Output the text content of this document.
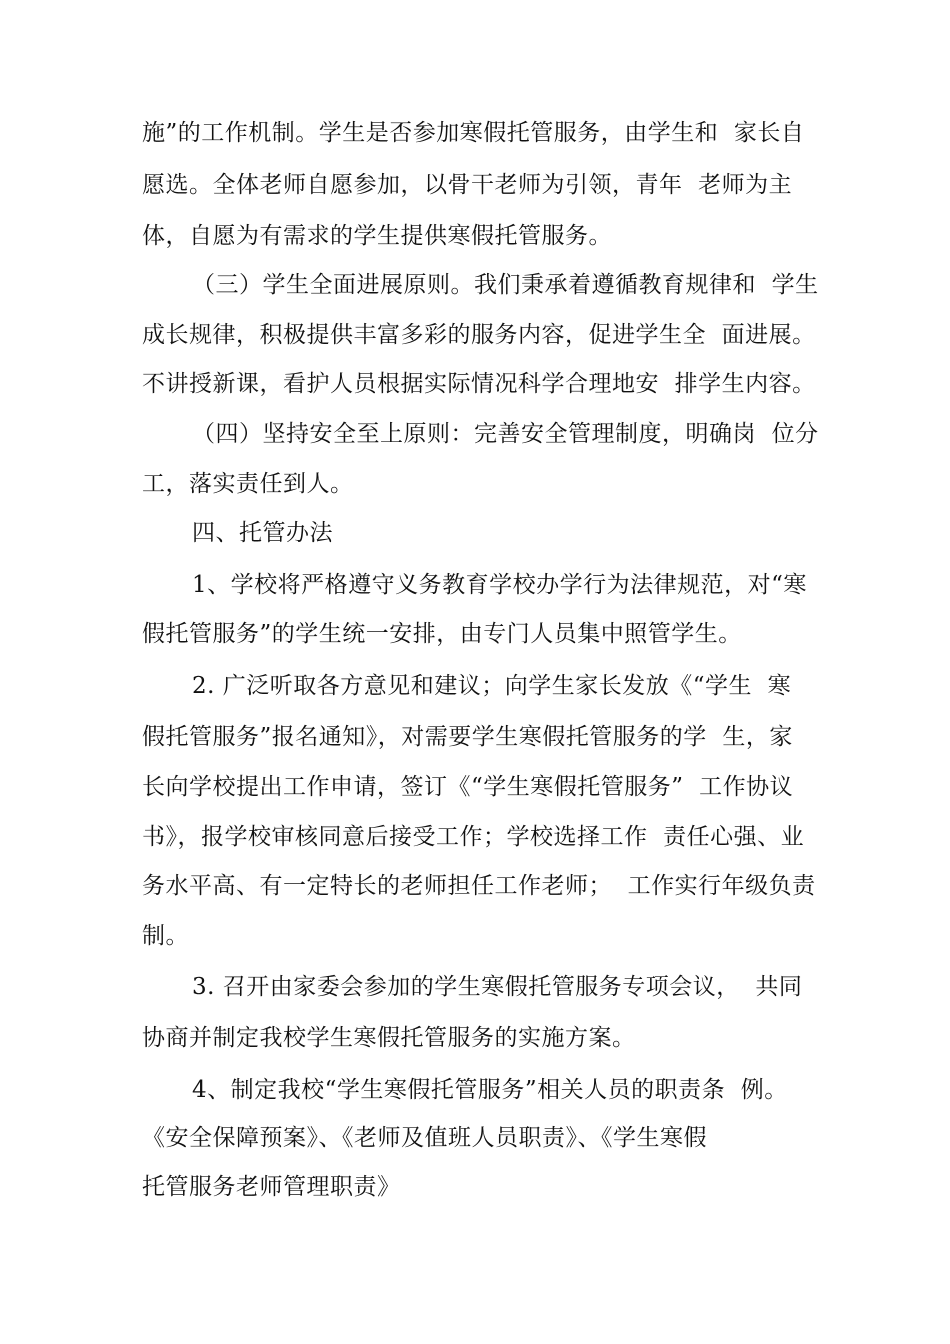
施”的工作机制。学生是否参加寒假托管服务，由学生和  家长自
愿选。全体老师自愿参加，以骨干老师为引领，青年  老师为主
体，自愿为有需求的学生提供寒假托管服务。
（三）学生全面进展原则。我们秉承着遵循教育规律和  学生
成长规律，积极提供丰富多彩的服务内容，促进学生全  面进展。
不讲授新课，看护人员根据实际情况科学合理地安  排学生内容。
（四）坚持安全至上原则：完善安全管理制度，明确岗  位分
工，落实责任到人。
四、托管办法
1、学校将严格遵守义务教育学校办学行为法律规范，对“寒
假托管服务”的学生统一安排，由专门人员集中照管学生。
2. 广泛听取各方意见和建议；向学生家长发放《“学生  寒
假托管服务”报名通知》，对需要学生寒假托管服务的学  生，家
长向学校提出工作申请，签订《“学生寒假托管服务”  工作协议
书》，报学校审核同意后接受工作；学校选择工作  责任心强、业
务水平高、有一定特长的老师担任工作老师；  工作实行年级负责
制。
3. 召开由家委会参加的学生寒假托管服务专项会议，  共同
协商并制定我校学生寒假托管服务的实施方案。
4、制定我校“学生寒假托管服务”相关人员的职责条  例。
《安全保障预案》、《老师及值班人员职责》、《学生寒假
托管服务老师管理职责》
